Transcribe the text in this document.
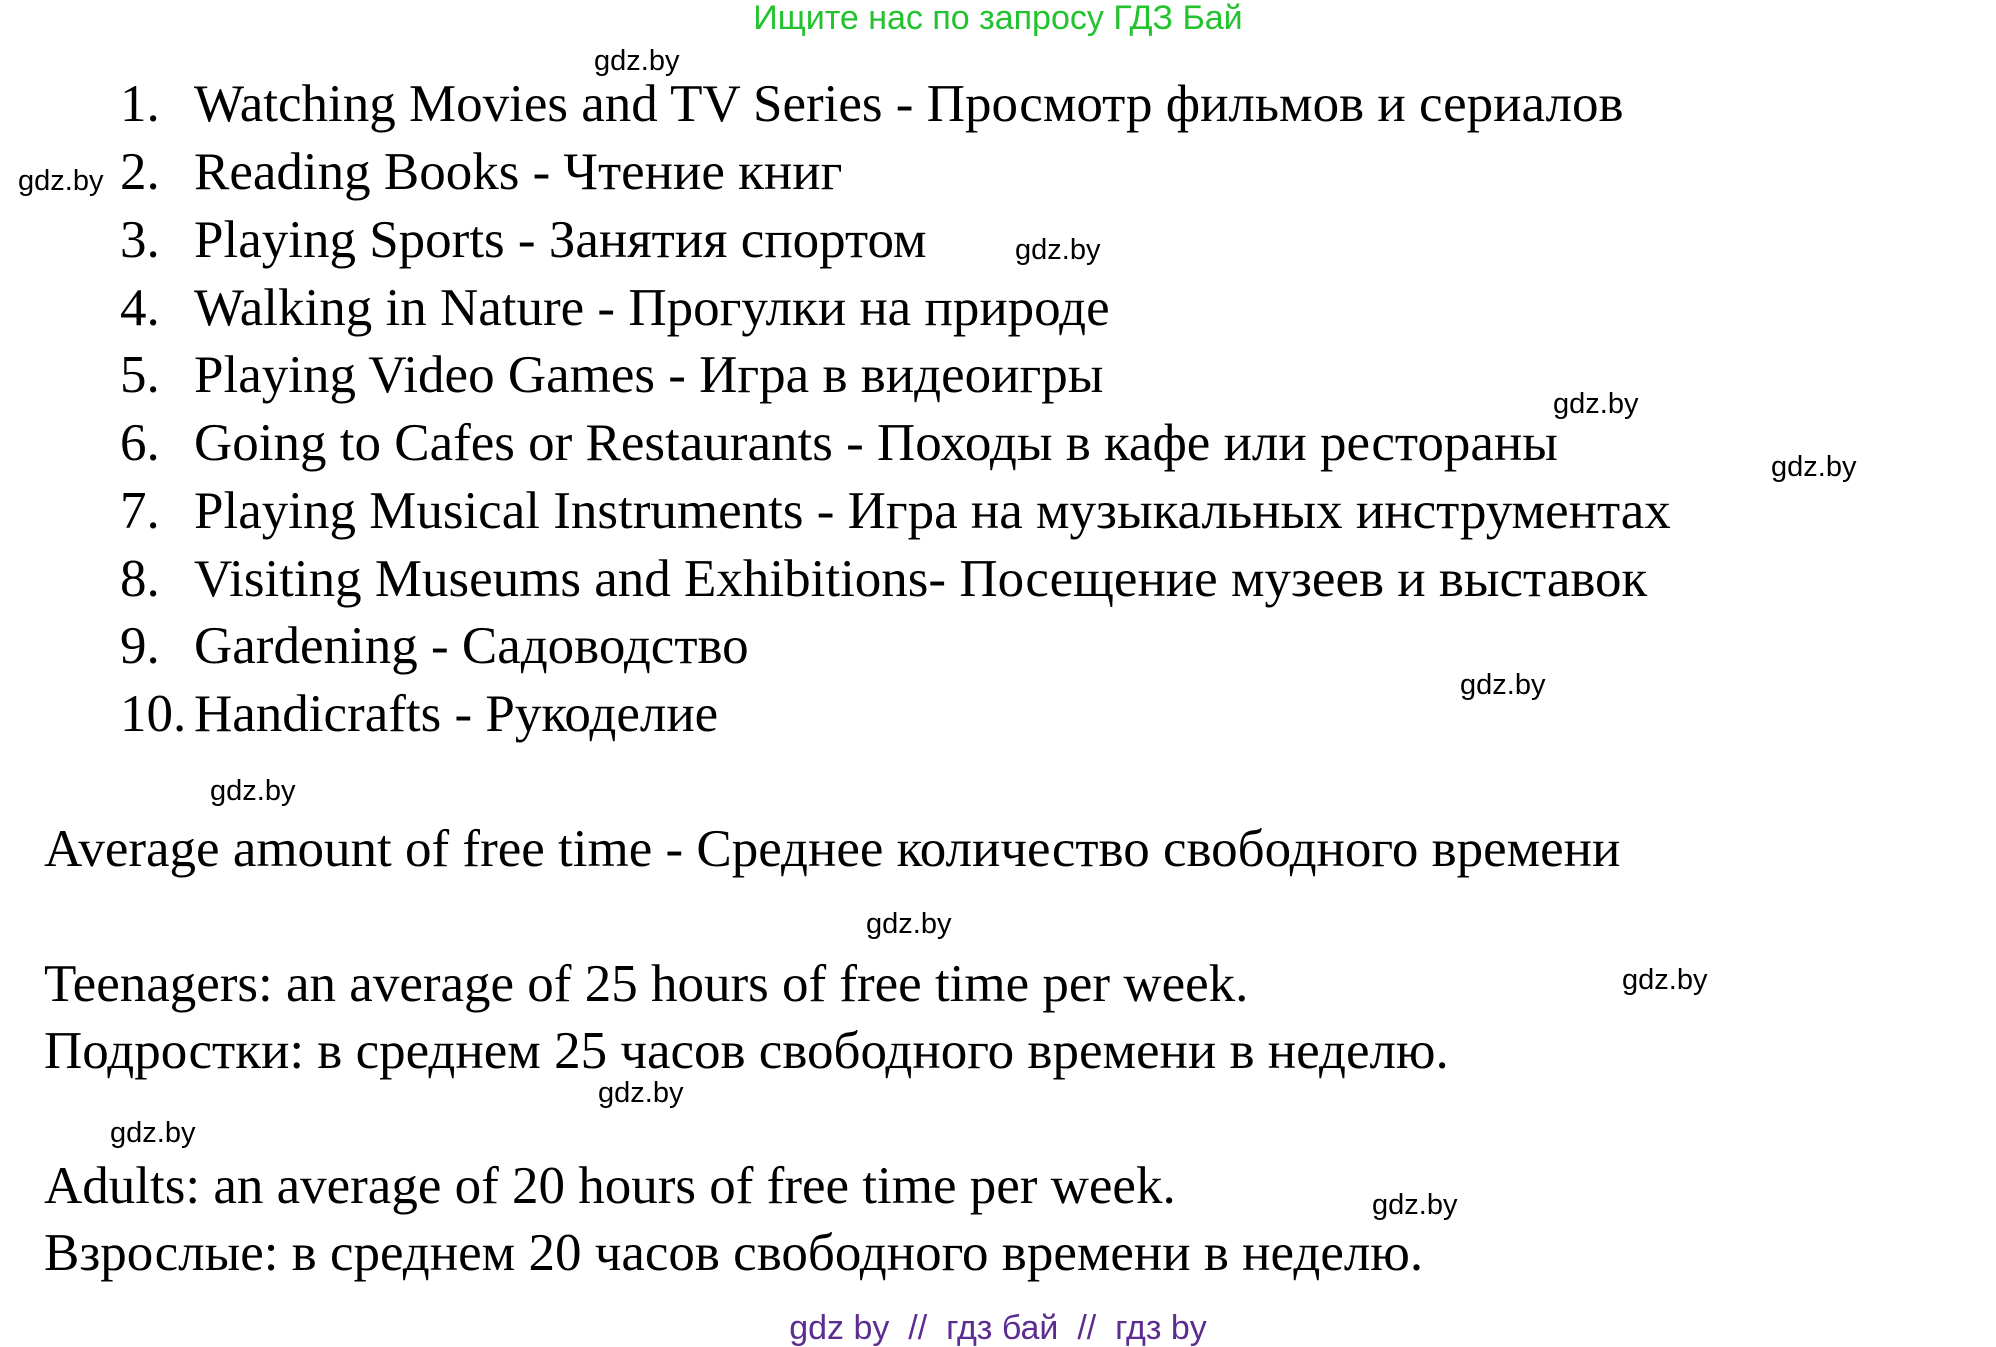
Ищите нас по запросу ГДЗ Бай
1. Watching Movies and TV Series - Просмотр фильмов и сериалов
2. Reading Books - Чтение книг
3. Playing Sports - Занятия спортом
4. Walking in Nature - Прогулки на природе
5. Playing Video Games - Игра в видеоигры
6. Going to Cafes or Restaurants - Походы в кафе или рестораны
7. Playing Musical Instruments - Игра на музыкальных инструментах
8. Visiting Museums and Exhibitions- Посещение музеев и выставок
9. Gardening - Садоводство
10. Handicrafts - Рукоделие
Average amount of free time - Среднее количество свободного времени
Teenagers: an average of 25 hours of free time per week.
Подростки: в среднем 25 часов свободного времени в неделю.
Adults: an average of 20 hours of free time per week.
Взрослые: в среднем 20 часов свободного времени в неделю.
gdz.by
gdz.by
gdz.by
gdz.by
gdz.by
gdz.by
gdz.by
gdz.by
gdz.by
gdz.by
gdz.by
gdz.by
gdz by  //  гдз бай  //  гдз by
